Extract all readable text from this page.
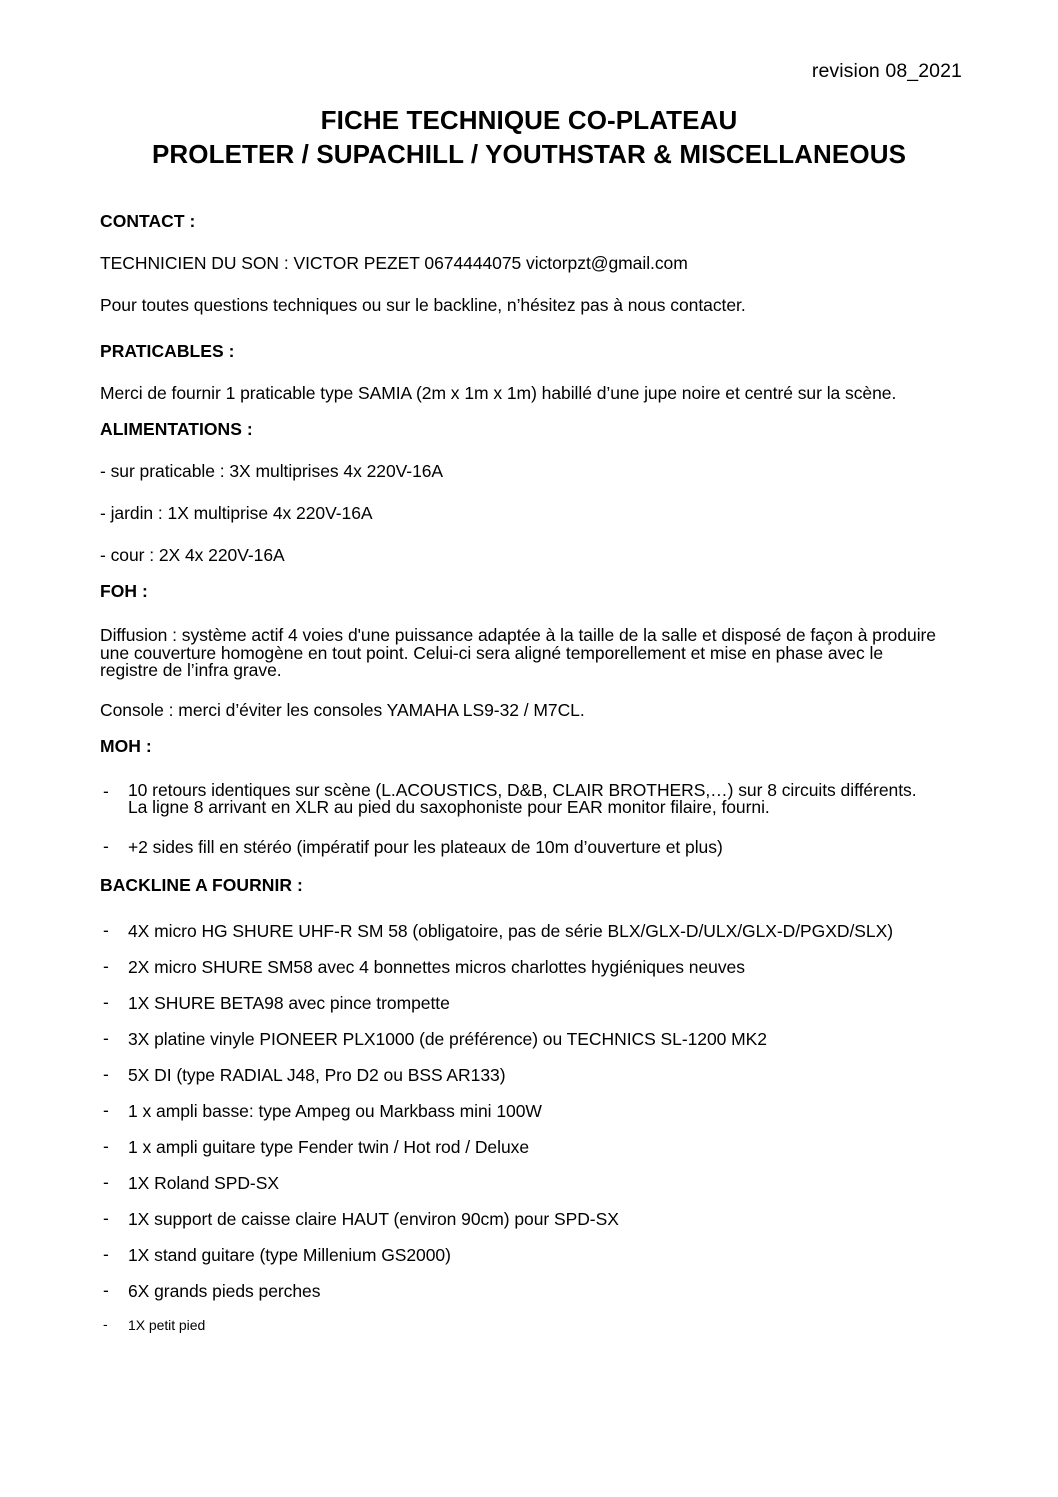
revision 08_2021
FICHE TECHNIQUE CO-PLATEAU
PROLETER / SUPACHILL / YOUTHSTAR & MISCELLANEOUS
CONTACT :
TECHNICIEN DU SON : VICTOR PEZET 0674444075 victorpzt@gmail.com
Pour toutes questions techniques ou sur le backline, n’hésitez pas à nous contacter.
PRATICABLES :
Merci de fournir 1 praticable type SAMIA (2m x 1m x 1m) habillé d’une jupe noire et centré sur la scène.
ALIMENTATIONS :
- sur praticable : 3X multiprises 4x 220V-16A
- jardin : 1X multiprise 4x 220V-16A
- cour : 2X 4x 220V-16A
FOH :
Diffusion : système actif 4 voies d'une puissance adaptée à la taille de la salle et disposé de façon à produire
une couverture homogène en tout point. Celui-ci sera aligné temporellement et mise en phase avec le
registre de l’infra grave.
Console : merci d’éviter les consoles YAMAHA LS9-32 / M7CL.
MOH :
- 10 retours identiques sur scène (L.ACOUSTICS, D&B, CLAIR BROTHERS,…) sur 8 circuits différents.
La ligne 8 arrivant en XLR au pied du saxophoniste pour EAR monitor filaire, fourni.
- +2 sides fill en stéréo (impératif pour les plateaux de 10m d’ouverture et plus)
BACKLINE A FOURNIR :
- 4X micro HG SHURE UHF-R SM 58 (obligatoire, pas de série BLX/GLX-D/ULX/GLX-D/PGXD/SLX)
- 2X micro SHURE SM58 avec 4 bonnettes micros charlottes hygiéniques neuves
- 1X SHURE BETA98 avec pince trompette
- 3X platine vinyle PIONEER PLX1000 (de préférence) ou TECHNICS SL-1200 MK2
- 5X DI (type RADIAL J48, Pro D2 ou BSS AR133)
- 1 x ampli basse: type Ampeg ou Markbass mini 100W
- 1 x ampli guitare type Fender twin / Hot rod / Deluxe
- 1X Roland SPD-SX
- 1X support de caisse claire HAUT (environ 90cm) pour SPD-SX
- 1X stand guitare (type Millenium GS2000)
- 6X grands pieds perches
- 1X petit pied
